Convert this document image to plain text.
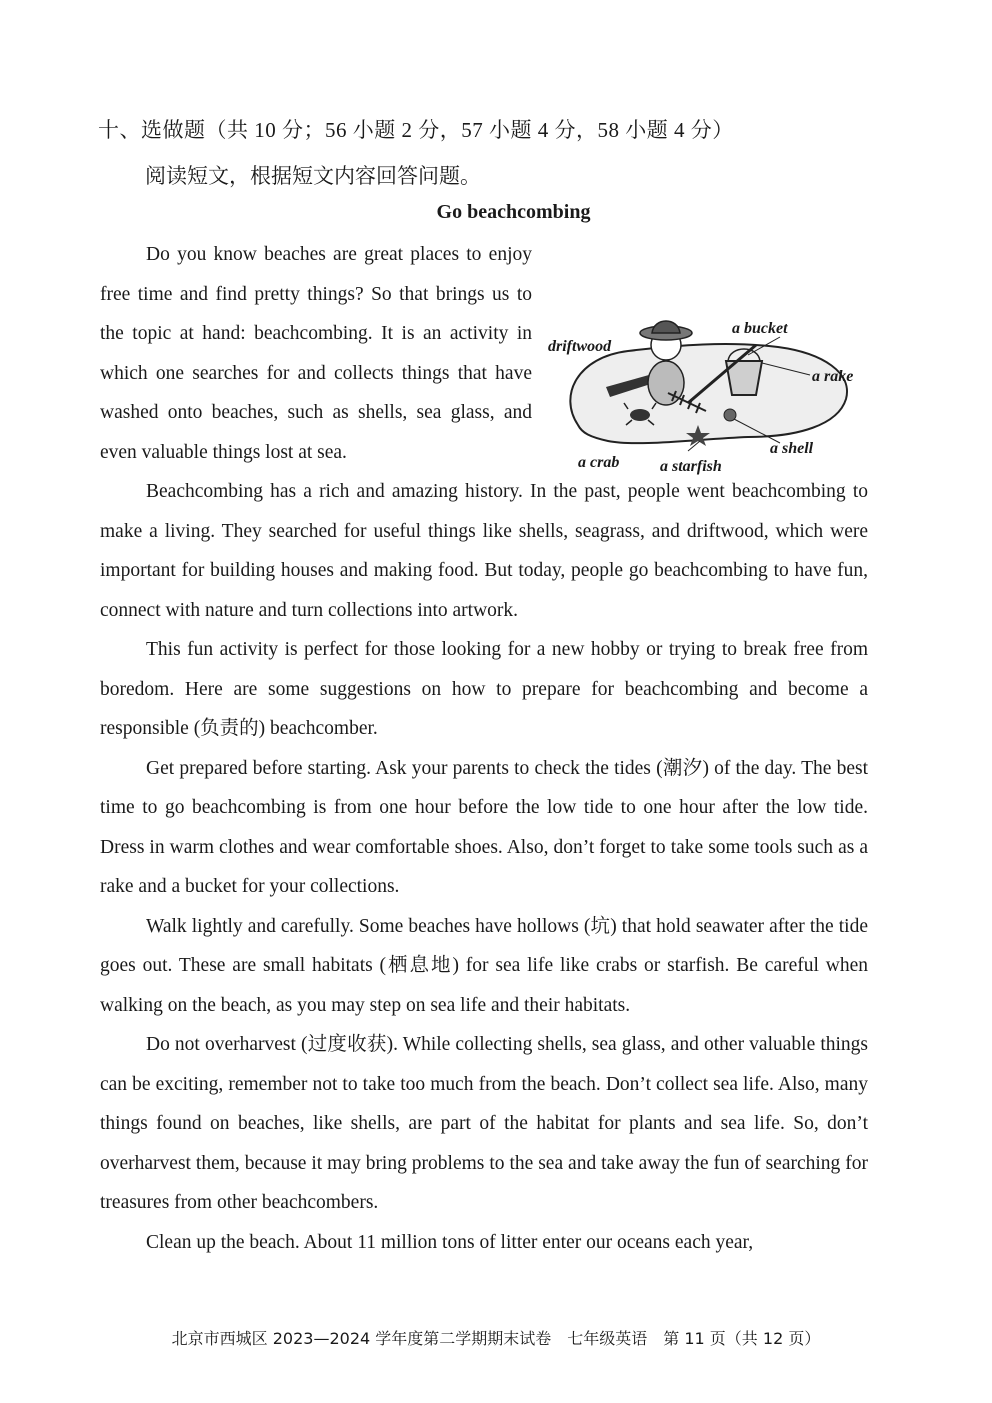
十、选做题（共 10 分；56 小题 2 分，57 小题 4 分，58 小题 4 分）
阅读短文，根据短文内容回答问题。
Go beachcombing
driftwood
a bucket
a rake
a shell
a crab	a starfish

Do you know beaches are great places to enjoy free time and find pretty things? So that brings us to the topic at hand: beachcombing. It is an activity in which one searches for and collects things that have washed onto beaches, such as shells, sea glass, and even valuable things lost at sea.

Beachcombing has a rich and amazing history. In the past, people went beachcombing to make a living. They searched for useful things like shells, seagrass, and driftwood, which were important for building houses and making food. But today, people go beachcombing to have fun, connect with nature and turn collections into artwork.

This fun activity is perfect for those looking for a new hobby or trying to break free from boredom. Here are some suggestions on how to prepare for beachcombing and become a responsible (负责的) beachcomber.

Get prepared before starting. Ask your parents to check the tides (潮汐) of the day. The best time to go beachcombing is from one hour before the low tide to one hour after the low tide. Dress in warm clothes and wear comfortable shoes. Also, don’t forget to take some tools such as a rake and a bucket for your collections.

Walk lightly and carefully. Some beaches have hollows (坑) that hold seawater after the tide goes out. These are small habitats (栖息地) for sea life like crabs or starfish. Be careful when walking on the beach, as you may step on sea life and their habitats.

Do not overharvest (过度收获). While collecting shells, sea glass, and other valuable things can be exciting, remember not to take too much from the beach. Don’t collect sea life. Also, many things found on beaches, like shells, are part of the habitat for plants and sea life. So, don’t overharvest them, because it may bring problems to the sea and take away the fun of searching for treasures from other beachcombers.

Clean up the beach. About 11 million tons of litter enter our oceans each year,

北京市西城区 2023—2024 学年度第二学期期末试卷　七年级英语　第 11 页（共 12 页）
